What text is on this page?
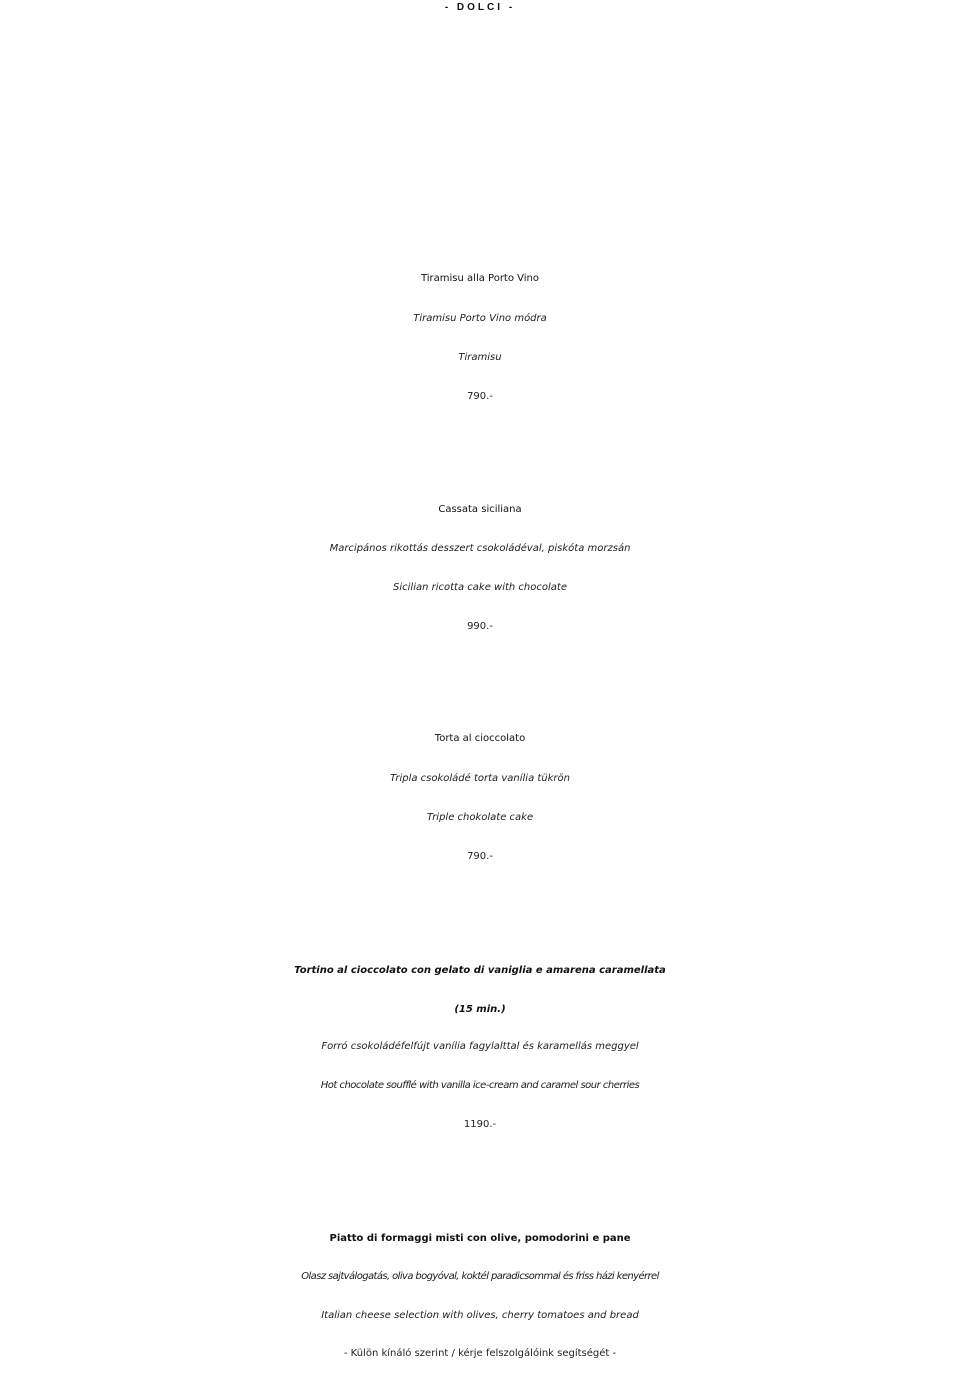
- DOLCI -
Tiramisu alla Porto Vino
Tiramisu Porto Vino módra
Tiramisu
790.-
Cassata siciliana
Marcipános rikottás desszert csokoládéval, piskóta morzsán
Sicilian ricotta cake with chocolate
990.-
Torta al cioccolato
Tripla csokoládé torta vanília tükrön
Triple chokolate cake
790.-
Tortino al cioccolato con gelato di vaniglia e amarena caramellata
(15 min.)
Forró csokoládéfelfújt vanília fagylalttal és karamellás meggyel
Hot chocolate soufflé with vanilla ice-cream and caramel sour cherries
1190.-
Piatto di formaggi misti con olive, pomodorini e pane
Olasz sajtválogatás, oliva bogyóval, koktél paradicsommal és friss házi kenyérrel
Italian cheese selection with olives, cherry tomatoes and bread
- Külön kínáló szerint / kérje felszolgálóink segítségét -
